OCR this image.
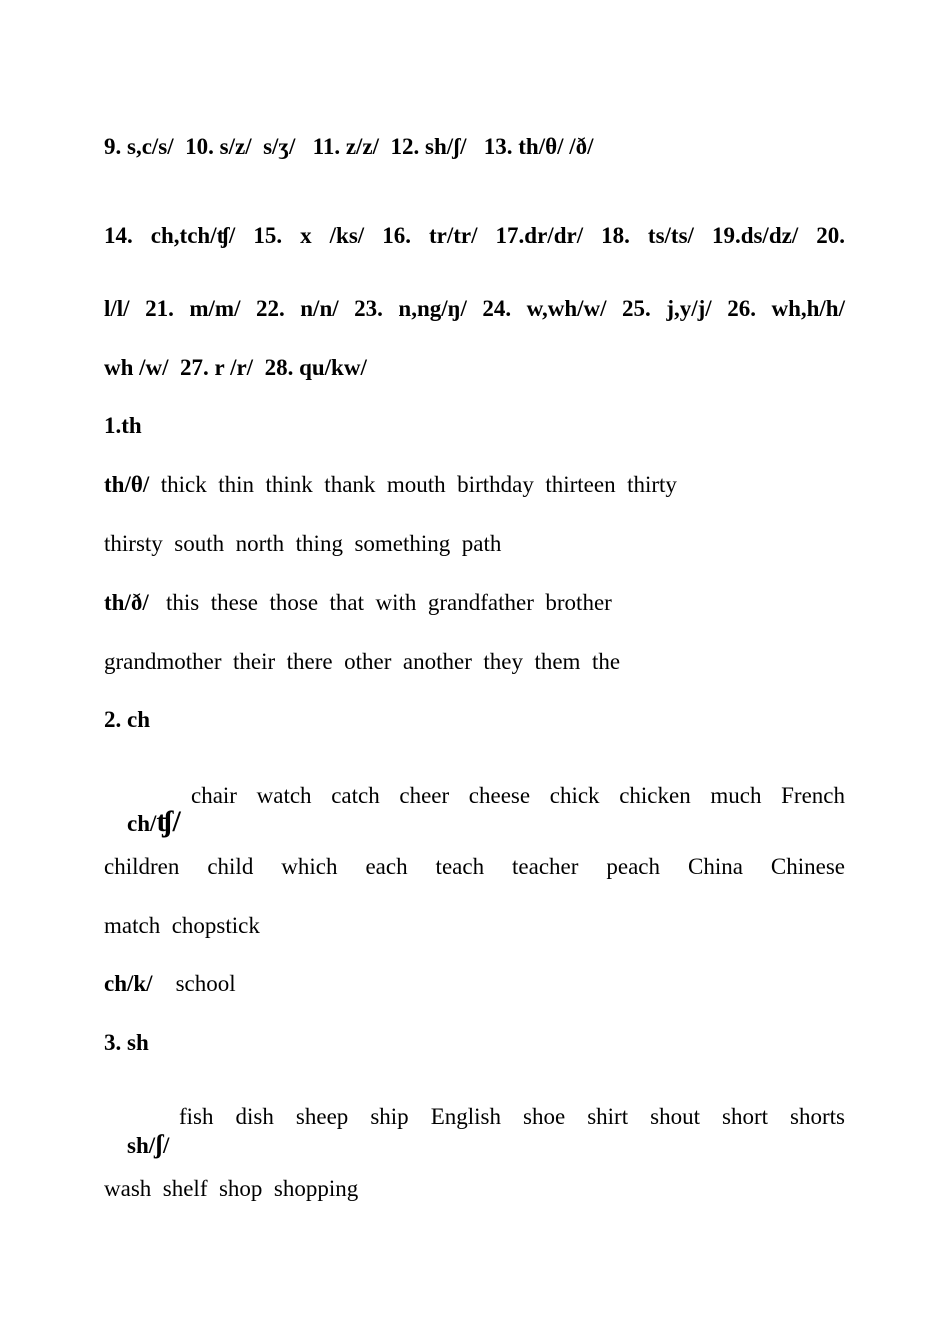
9. s,c/s/  10. s/z/  s/ʒ/   11. z/z/  12. sh/ʃ/   13. th/θ/ /ð/
14. ch,tch/ʧ/ 15. x /ks/ 16. tr/tr/ 17.dr/dr/ 18. ts/ts/ 19.ds/dz/ 20.
l/l/ 21. m/m/ 22. n/n/ 23. n,ng/ŋ/ 24. w,wh/w/ 25. j,y/j/ 26. wh,h/h/
wh /w/  27. r /r/  28. qu/kw/
1.th
th/θ/  thick  thin  think  thank  mouth  birthday  thirteen  thirty
thirsty  south  north  thing  something  path
th/ð/   this  these  those  that  with  grandfather  brother
grandmother  their  there  other  another  they  them  the
2. ch

ch/ʧ/

chair watch catch cheer cheese chick chicken much French

children child which each teach teacher peach China Chinese
match  chopstick
ch/k/    school
3. sh

sh/ʃ/

fish dish sheep ship English shoe shirt shout short shorts

wash  shelf  shop  shopping
